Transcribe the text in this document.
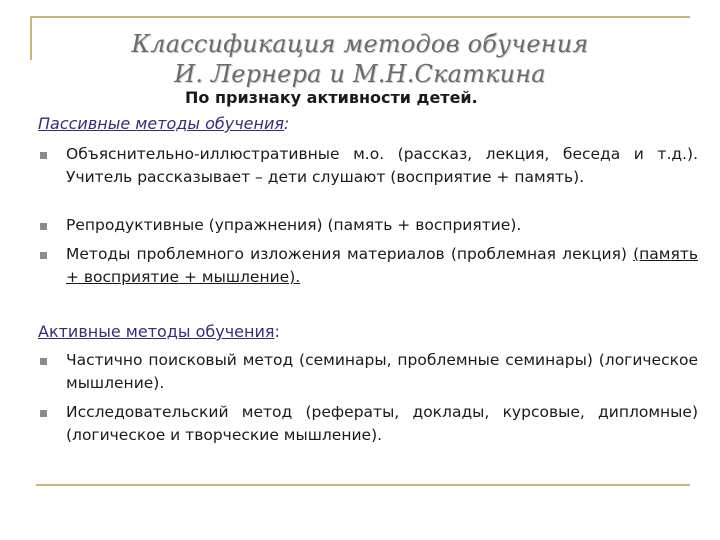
Классификация методов обучения
И. Лернера и М.Н.Скаткина
По признаку активности детей.
Пассивные методы обучения:
Объяснительно-иллюстративные м.о. (рассказ, лекция, беседа и т.д.). Учитель рассказывает – дети слушают (восприятие + память).
Репродуктивные (упражнения) (память + восприятие).
Методы проблемного изложения материалов (проблемная лекция) (память + восприятие + мышление).
Активные методы обучения:
Частично поисковый метод (семинары, проблемные семинары) (логическое мышление).
Исследовательский метод (рефераты, доклады, курсовые, дипломные) (логическое и творческие мышление).
